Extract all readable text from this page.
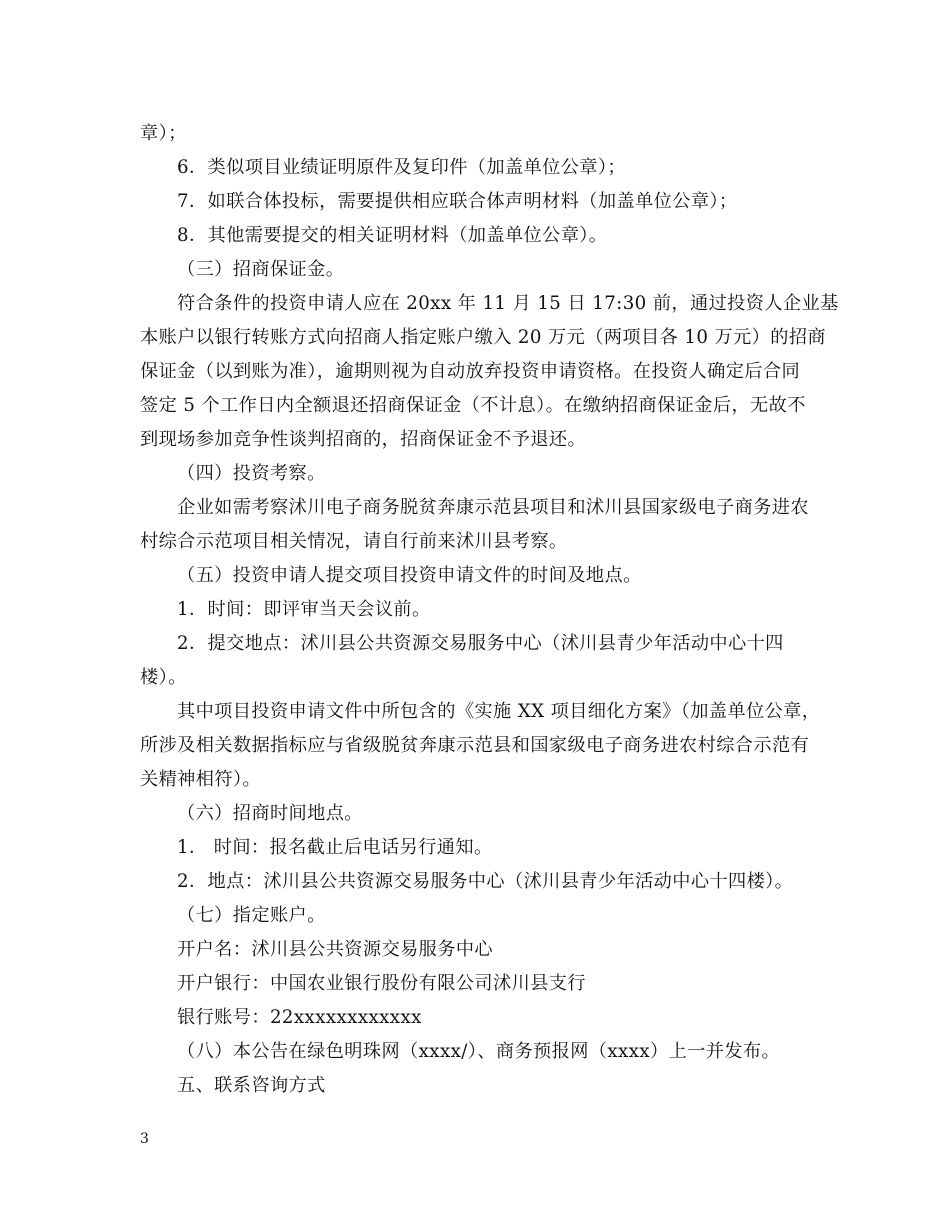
章）；
6．类似项目业绩证明原件及复印件（加盖单位公章）；
7．如联合体投标，需要提供相应联合体声明材料（加盖单位公章）；
8．其他需要提交的相关证明材料（加盖单位公章）。
（三）招商保证金。
符合条件的投资申请人应在 20xx 年 11 月 15 日 17:30 前，通过投资人企业基
本账户以银行转账方式向招商人指定账户缴入 20 万元（两项目各 10 万元）的招商
保证金（以到账为准），逾期则视为自动放弃投资申请资格。在投资人确定后合同
签定 5 个工作日内全额退还招商保证金（不计息）。在缴纳招商保证金后，无故不
到现场参加竞争性谈判招商的，招商保证金不予退还。
（四）投资考察。
企业如需考察沭川电子商务脱贫奔康示范县项目和沭川县国家级电子商务进农
村综合示范项目相关情况，请自行前来沭川县考察。
（五）投资申请人提交项目投资申请文件的时间及地点。
1．时间：即评审当天会议前。
2．提交地点：沭川县公共资源交易服务中心（沭川县青少年活动中心十四
楼）。
其中项目投资申请文件中所包含的《实施 XX 项目细化方案》（加盖单位公章，
所涉及相关数据指标应与省级脱贫奔康示范县和国家级电子商务进农村综合示范有
关精神相符）。
（六）招商时间地点。
1． 时间：报名截止后电话另行通知。
2．地点：沭川县公共资源交易服务中心（沭川县青少年活动中心十四楼）。
（七）指定账户。
开户名：沭川县公共资源交易服务中心
开户银行：中国农业银行股份有限公司沭川县支行
银行账号：22xxxxxxxxxxxx
（八）本公告在绿色明珠网（xxxx/）、商务预报网（xxxx）上一并发布。
五、联系咨询方式
3
